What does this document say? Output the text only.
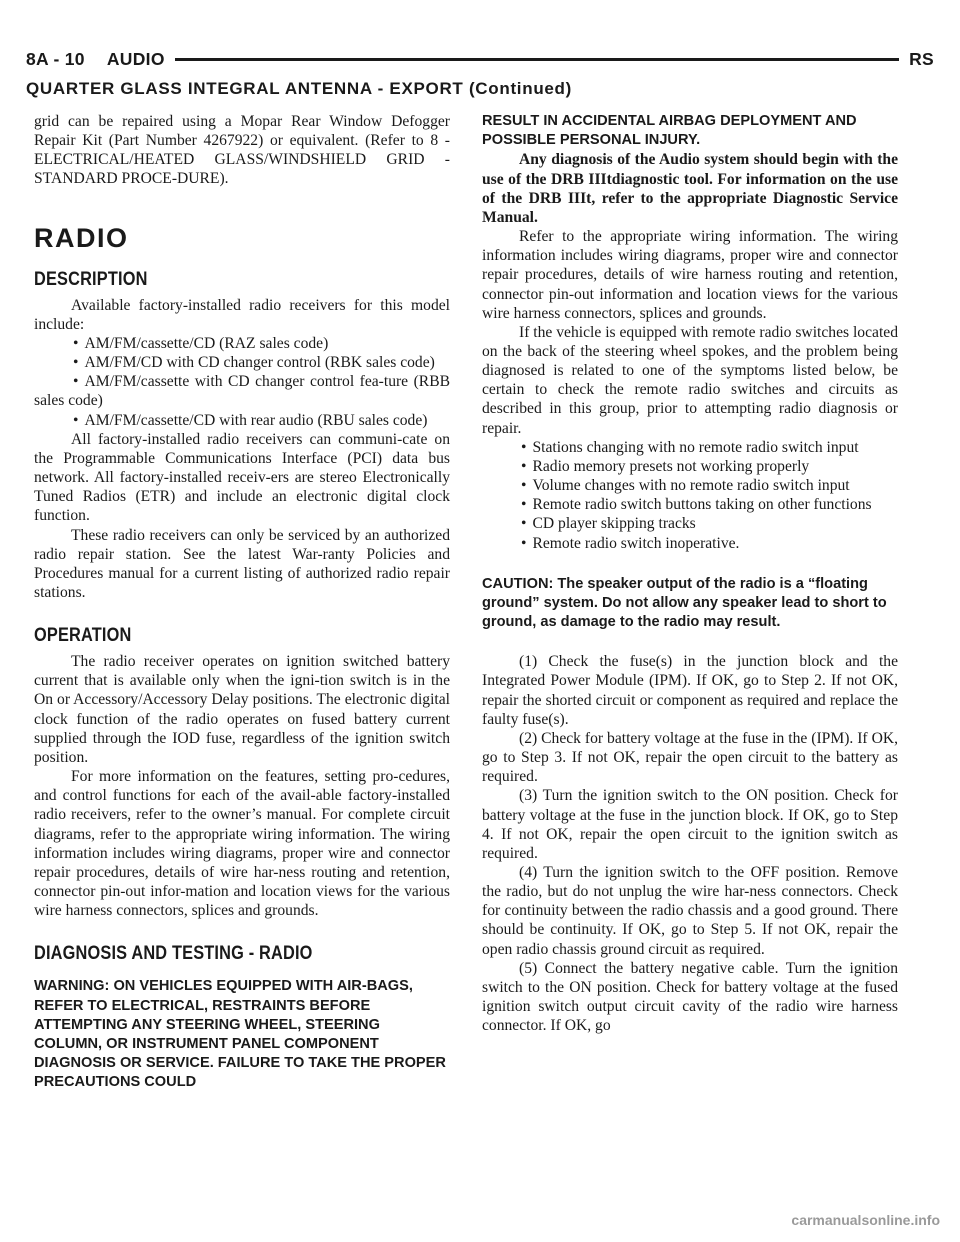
8A - 10 AUDIO	RS
QUARTER GLASS INTEGRAL ANTENNA - EXPORT (Continued)

grid can be repaired using a Mopar Rear Window Defogger Repair Kit (Part Number 4267922) or equivalent. (Refer to 8 - ELECTRICAL/HEATED GLASS/WINDSHIELD GRID - STANDARD PROCE-DURE).

RADIO
DESCRIPTION

Available factory-installed radio receivers for this model include:

• AM/FM/cassette/CD (RAZ sales code)

• AM/FM/CD with CD changer control (RBK sales code)

• AM/FM/cassette with CD changer control fea-ture (RBB sales code)

• AM/FM/cassette/CD with rear audio (RBU sales code)

All factory-installed radio receivers can communi-cate on the Programmable Communications Interface (PCI) data bus network. All factory-installed receiv-ers are stereo Electronically Tuned Radios (ETR) and include an electronic digital clock function.

These radio receivers can only be serviced by an authorized radio repair station. See the latest War-ranty Policies and Procedures manual for a current listing of authorized radio repair stations.

OPERATION

The radio receiver operates on ignition switched battery current that is available only when the igni-tion switch is in the On or Accessory/Accessory Delay positions. The electronic digital clock function of the radio operates on fused battery current supplied through the IOD fuse, regardless of the ignition switch position.

For more information on the features, setting pro-cedures, and control functions for each of the avail-able factory-installed radio receivers, refer to the owner’s manual. For complete circuit diagrams, refer to the appropriate wiring information. The wiring information includes wiring diagrams, proper wire and connector repair procedures, details of wire har-ness routing and retention, connector pin-out infor-mation and location views for the various wire harness connectors, splices and grounds.

DIAGNOSIS AND TESTING - RADIO

WARNING: ON VEHICLES EQUIPPED WITH AIR-BAGS, REFER TO ELECTRICAL, RESTRAINTS BEFORE ATTEMPTING ANY STEERING WHEEL, STEERING COLUMN, OR INSTRUMENT PANEL COMPONENT DIAGNOSIS OR SERVICE. FAILURE TO TAKE THE PROPER PRECAUTIONS COULD

RESULT IN ACCIDENTAL AIRBAG DEPLOYMENT AND POSSIBLE PERSONAL INJURY.

Any diagnosis of the Audio system should begin with the use of the DRB IIItdiagnostic tool. For information on the use of the DRB IIIt, refer to the appropriate Diagnostic Service Manual.

Refer to the appropriate wiring information. The wiring information includes wiring diagrams, proper wire and connector repair procedures, details of wire harness routing and retention, connector pin-out information and location views for the various wire harness connectors, splices and grounds.

If the vehicle is equipped with remote radio switches located on the back of the steering wheel spokes, and the problem being diagnosed is related to one of the symptoms listed below, be certain to check the remote radio switches and circuits as described in this group, prior to attempting radio diagnosis or repair.

• Stations changing with no remote radio switch input

• Radio memory presets not working properly

• Volume changes with no remote radio switch input

• Remote radio switch buttons taking on other functions

• CD player skipping tracks

• Remote radio switch inoperative.

CAUTION: The speaker output of the radio is a “floating ground” system. Do not allow any speaker lead to short to ground, as damage to the radio may result.

(1) Check the fuse(s) in the junction block and the Integrated Power Module (IPM). If OK, go to Step 2. If not OK, repair the shorted circuit or component as required and replace the faulty fuse(s).

(2) Check for battery voltage at the fuse in the (IPM). If OK, go to Step 3. If not OK, repair the open circuit to the battery as required.

(3) Turn the ignition switch to the ON position. Check for battery voltage at the fuse in the junction block. If OK, go to Step 4. If not OK, repair the open circuit to the ignition switch as required.

(4) Turn the ignition switch to the OFF position. Remove the radio, but do not unplug the wire har-ness connectors. Check for continuity between the radio chassis and a good ground. There should be continuity. If OK, go to Step 5. If not OK, repair the open radio chassis ground circuit as required.

(5) Connect the battery negative cable. Turn the ignition switch to the ON position. Check for battery voltage at the fused ignition switch output circuit cavity of the radio wire harness connector. If OK, go

carmanualsonline.info
